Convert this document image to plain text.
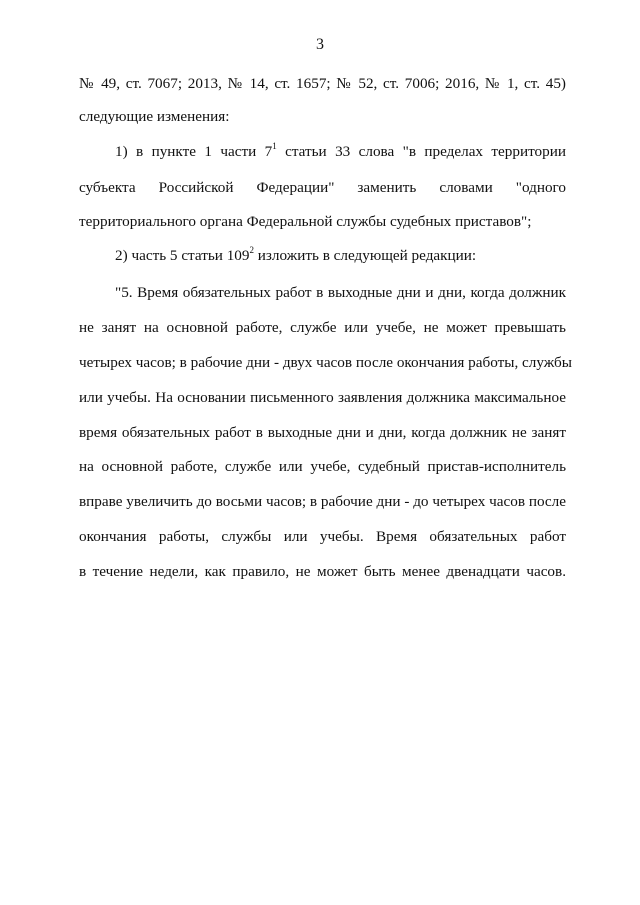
3
№ 49, ст. 7067; 2013, № 14, ст. 1657; № 52, ст. 7006; 2016, № 1, ст. 45)
следующие изменения:
1) в пункте 1 части $7^1$ статьи 33 слова "в пределах территории
субъекта Российской Федерации" заменить словами "одного
территориального органа Федеральной службы судебных приставов";
2) часть 5 статьи $109^2$ изложить в следующей редакции:
"5. Время обязательных работ в выходные дни и дни, когда должник
не занят на основной работе, службе или учебе, не может превышать
четырех часов; в рабочие дни - двух часов после окончания работы, службы
или учебы. На основании письменного заявления должника максимальное
время обязательных работ в выходные дни и дни, когда должник не занят
на основной работе, службе или учебе, судебный пристав-исполнитель
вправе увеличить до восьми часов; в рабочие дни - до четырех часов после
окончания работы, службы или учебы. Время обязательных работ
в течение недели, как правило, не может быть менее двенадцати часов.
